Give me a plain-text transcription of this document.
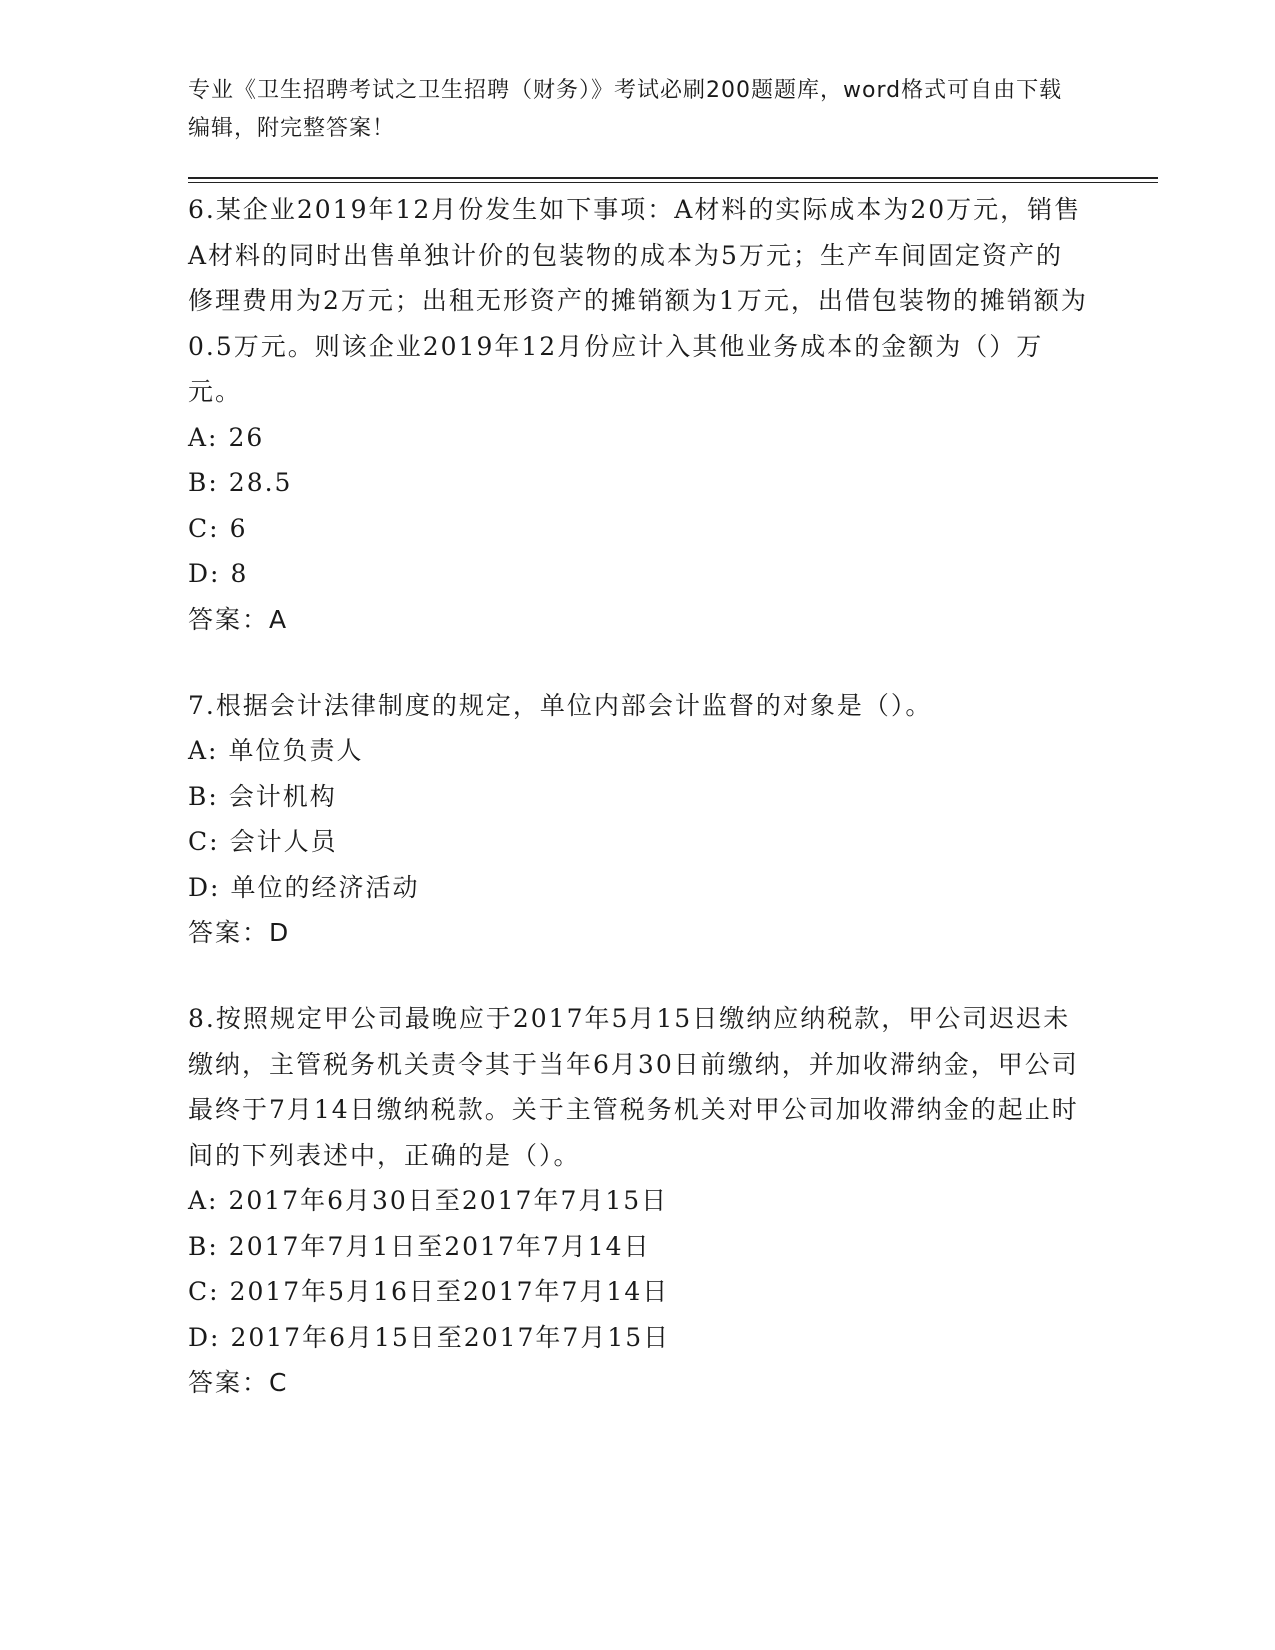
专业《卫生招聘考试之卫生招聘（财务）》考试必刷200题题库，word格式可自由下载编辑，附完整答案！

6.某企业2019年12月份发生如下事项：A材料的实际成本为20万元，销售A材料的同时出售单独计价的包装物的成本为5万元；生产车间固定资产的修理费用为2万元；出租无形资产的摊销额为1万元，出借包装物的摊销额为0.5万元。则该企业2019年12月份应计入其他业务成本的金额为（）万元。

A: 26

B: 28.5

C: 6

D: 8

答案：A

7.根据会计法律制度的规定，单位内部会计监督的对象是（）。

A: 单位负责人

B: 会计机构

C: 会计人员

D: 单位的经济活动

答案：D

8.按照规定甲公司最晚应于2017年5月15日缴纳应纳税款，甲公司迟迟未缴纳，主管税务机关责令其于当年6月30日前缴纳，并加收滞纳金，甲公司最终于7月14日缴纳税款。关于主管税务机关对甲公司加收滞纳金的起止时间的下列表述中，正确的是（）。

A: 2017年6月30日至2017年7月15日

B: 2017年7月1日至2017年7月14日

C: 2017年5月16日至2017年7月14日

D: 2017年6月15日至2017年7月15日

答案：C
